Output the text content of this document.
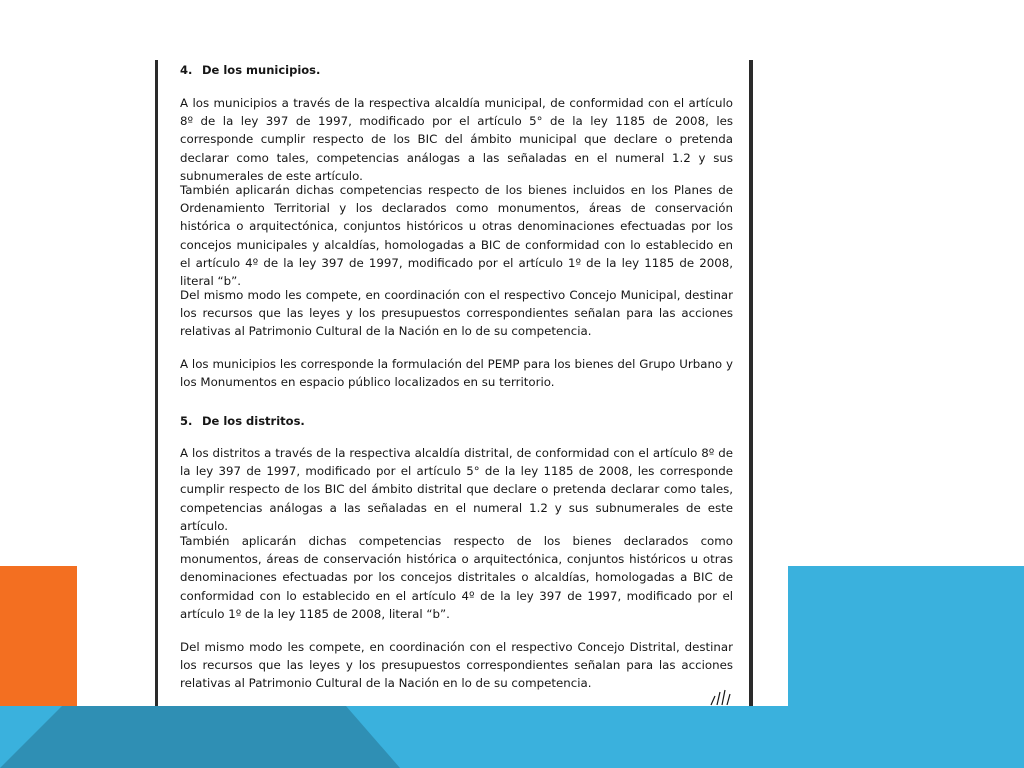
4. De los municipios.

A los municipios a través de la respectiva alcaldía municipal, de conformidad con el artículo 8º de la ley 397 de 1997, modificado por el artículo 5° de la ley 1185 de 2008, les corresponde cumplir respecto de los BIC del ámbito municipal que declare o pretenda declarar como tales, competencias análogas a las señaladas en el numeral 1.2 y sus subnumerales de este artículo.

También aplicarán dichas competencias respecto de los bienes incluidos en los Planes de Ordenamiento Territorial y los declarados como monumentos, áreas de conservación histórica o arquitectónica, conjuntos históricos u otras denominaciones efectuadas por los concejos municipales y alcaldías, homologadas a BIC de conformidad con lo establecido en el artículo 4º de la ley 397 de 1997, modificado por el artículo 1º de la ley 1185 de 2008, literal “b”.

Del mismo modo les compete, en coordinación con el respectivo Concejo Municipal, destinar los recursos que las leyes y los presupuestos correspondientes señalan para las acciones relativas al Patrimonio Cultural de la Nación en lo de su competencia.

A los municipios les corresponde la formulación del PEMP para los bienes del Grupo Urbano y los Monumentos en espacio público localizados en su territorio.

5. De los distritos.

A los distritos a través de la respectiva alcaldía distrital, de conformidad con el artículo 8º de la ley 397 de 1997, modificado por el artículo 5° de la ley 1185 de 2008, les corresponde cumplir respecto de los BIC del ámbito distrital que declare o pretenda declarar como tales, competencias análogas a las señaladas en el numeral 1.2 y sus subnumerales de este artículo.

También aplicarán dichas competencias respecto de los bienes declarados como monumentos, áreas de conservación histórica o arquitectónica, conjuntos históricos u otras denominaciones efectuadas por los concejos distritales o alcaldías, homologadas a BIC de conformidad con lo establecido en el artículo 4º de la ley 397 de 1997, modificado por el artículo 1º de la ley 1185 de 2008, literal “b”.

Del mismo modo les compete, en coordinación con el respectivo Concejo Distrital, destinar los recursos que las leyes y los presupuestos correspondientes señalan para las acciones relativas al Patrimonio Cultural de la Nación en lo de su competencia.
